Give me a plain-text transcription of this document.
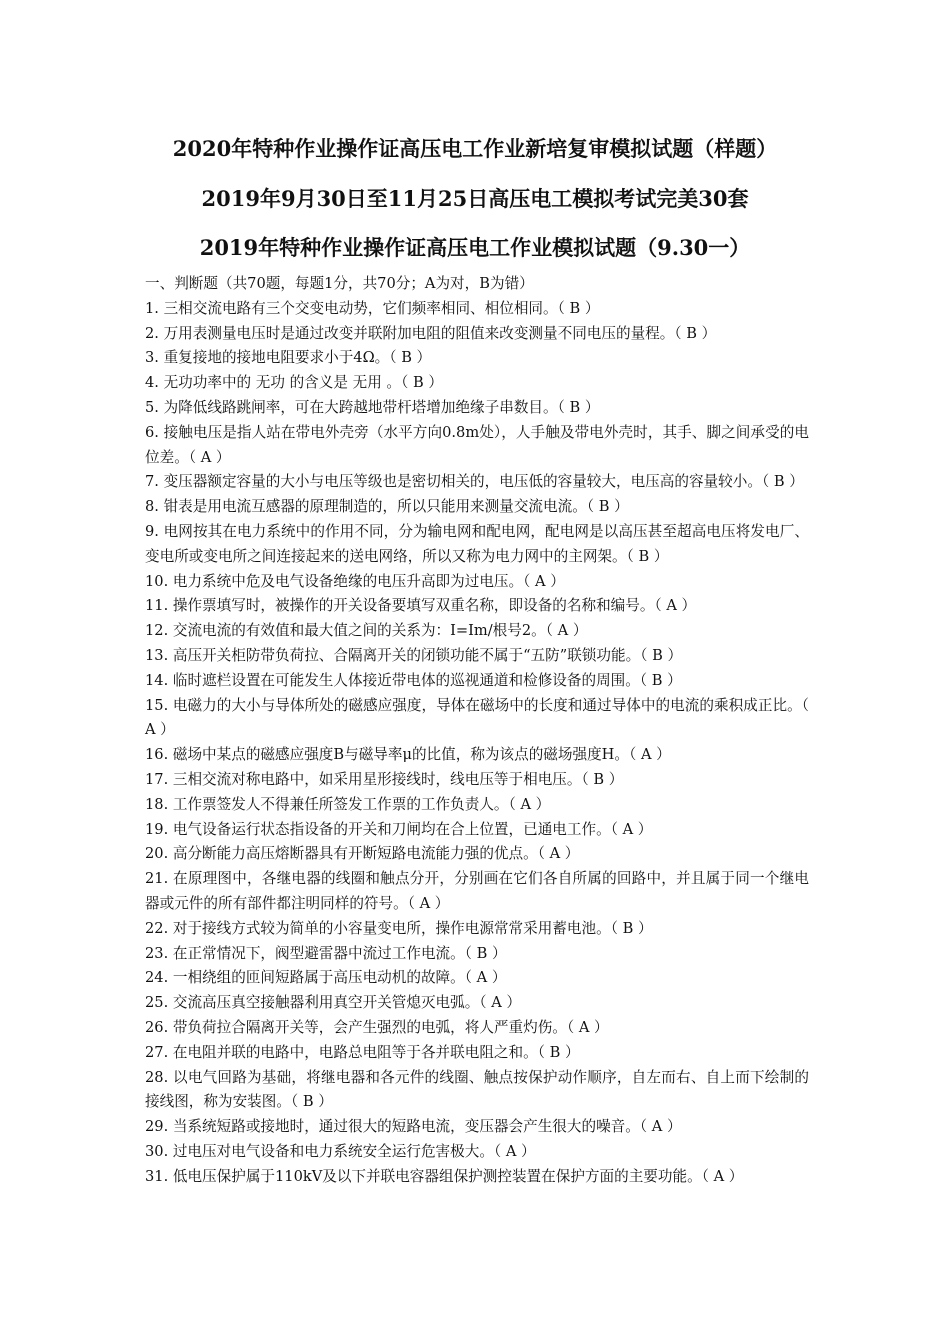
2020年特种作业操作证高压电工作业新培复审模拟试题（样题）
2019年9月30日至11月25日高压电工模拟考试完美30套
2019年特种作业操作证高压电工作业模拟试题（9.30一）
一、判断题（共70题，每题1分，共70分；A为对，B为错）
1. 三相交流电路有三个交变电动势，它们频率相同、相位相同。（ B ）
2. 万用表测量电压时是通过改变并联附加电阻的阻值来改变测量不同电压的量程。（ B ）
3. 重复接地的接地电阻要求小于4Ω。（ B ）
4. 无功功率中的 无功 的含义是 无用 。（ B ）
5. 为降低线路跳闸率，可在大跨越地带杆塔增加绝缘子串数目。（ B ）
6. 接触电压是指人站在带电外壳旁（水平方向0.8m处），人手触及带电外壳时，其手、脚之间承受的电位差。（ A ）
7. 变压器额定容量的大小与电压等级也是密切相关的，电压低的容量较大，电压高的容量较小。（ B ）
8. 钳表是用电流互感器的原理制造的，所以只能用来测量交流电流。（ B ）
9. 电网按其在电力系统中的作用不同，分为输电网和配电网，配电网是以高压甚至超高电压将发电厂、变电所或变电所之间连接起来的送电网络，所以又称为电力网中的主网架。（ B ）
10. 电力系统中危及电气设备绝缘的电压升高即为过电压。（ A ）
11. 操作票填写时，被操作的开关设备要填写双重名称，即设备的名称和编号。（ A ）
12. 交流电流的有效值和最大值之间的关系为：I=Im/根号2。（ A ）
13. 高压开关柜防带负荷拉、合隔离开关的闭锁功能不属于“五防”联锁功能。（ B ）
14. 临时遮栏设置在可能发生人体接近带电体的巡视通道和检修设备的周围。（ B ）
15. 电磁力的大小与导体所处的磁感应强度，导体在磁场中的长度和通过导体中的电流的乘积成正比。（ A ）
16. 磁场中某点的磁感应强度B与磁导率μ的比值，称为该点的磁场强度H。（ A ）
17. 三相交流对称电路中，如采用星形接线时，线电压等于相电压。（ B ）
18. 工作票签发人不得兼任所签发工作票的工作负责人。（ A ）
19. 电气设备运行状态指设备的开关和刀闸均在合上位置，已通电工作。（ A ）
20. 高分断能力高压熔断器具有开断短路电流能力强的优点。（ A ）
21. 在原理图中，各继电器的线圈和触点分开，分别画在它们各自所属的回路中，并且属于同一个继电器或元件的所有部件都注明同样的符号。（ A ）
22. 对于接线方式较为简单的小容量变电所，操作电源常常采用蓄电池。（ B ）
23. 在正常情况下，阀型避雷器中流过工作电流。（ B ）
24. 一相绕组的匝间短路属于高压电动机的故障。（ A ）
25. 交流高压真空接触器利用真空开关管熄灭电弧。（ A ）
26. 带负荷拉合隔离开关等，会产生强烈的电弧，将人严重灼伤。（ A ）
27. 在电阻并联的电路中，电路总电阻等于各并联电阻之和。（ B ）
28. 以电气回路为基础，将继电器和各元件的线圈、触点按保护动作顺序，自左而右、自上而下绘制的接线图，称为安装图。（ B ）
29. 当系统短路或接地时，通过很大的短路电流，变压器会产生很大的噪音。（ A ）
30. 过电压对电气设备和电力系统安全运行危害极大。（ A ）
31. 低电压保护属于110kV及以下并联电容器组保护测控装置在保护方面的主要功能。（ A ）
